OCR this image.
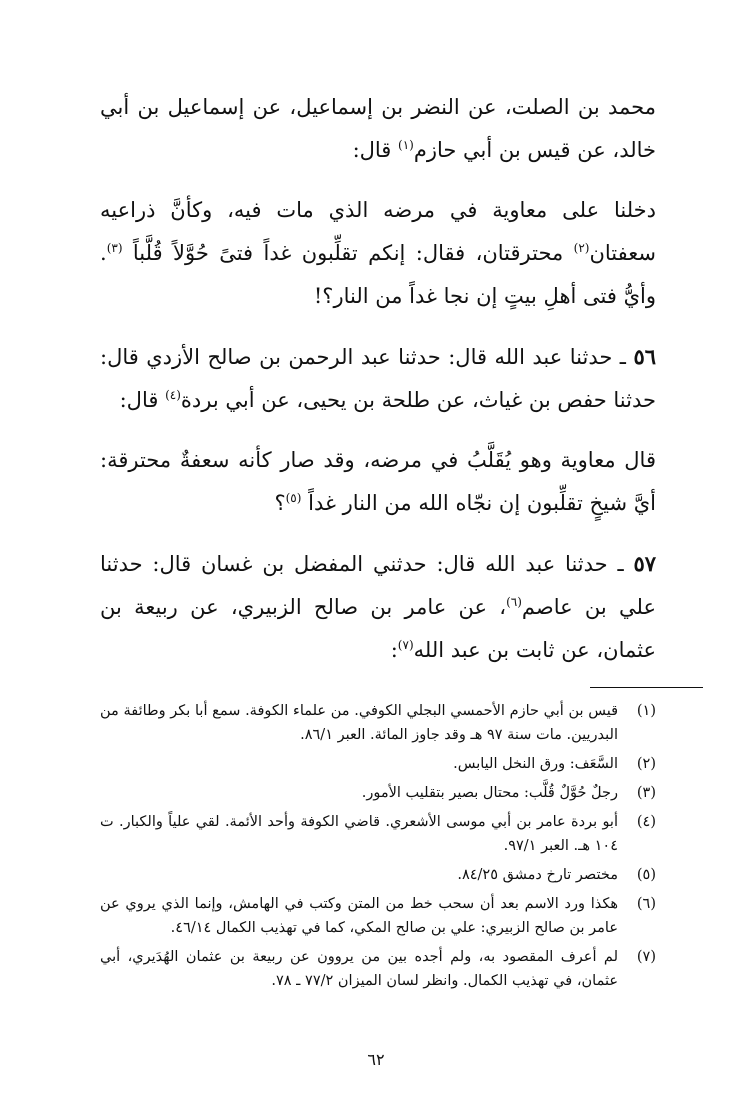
محمد بن الصلت، عن النضر بن إسماعيل، عن إسماعيل بن أبي خالد، عن قيس بن أبي حازم$^{(١)}$ قال:

دخلنا على معاوية في مرضه الذي مات فيه، وكأنَّ ذراعيه سعفتان$^{(٢)}$ محترقتان، فقال: إنكم تقلِّبون غداً فتىً حُوَّلاً قُلَّباً $^{(٣)}$. وأيُّ فتى أهلِ بيتٍ إن نجا غداً من النار؟!

٥٦ ـ حدثنا عبد الله قال: حدثنا عبد الرحمن بن صالح الأزدي قال: حدثنا حفص بن غياث، عن طلحة بن يحيى، عن أبي بردة$^{(٤)}$ قال:

قال معاوية وهو يُقَلَّبُ في مرضه، وقد صار كأنه سعفةٌ محترقة: أيَّ شيخٍ تقلِّبون إن نجّاه الله من النار غداً $^{(٥)}$؟

٥٧ ـ حدثنا عبد الله قال: حدثني المفضل بن غسان قال: حدثنا علي بن عاصم$^{(٦)}$، عن عامر بن صالح الزبيري، عن ربيعة بن عثمان، عن ثابت بن عبد الله$^{(٧)}$:

(١)
قيس بن أبي حازم الأحمسي البجلي الكوفي. من علماء الكوفة. سمع أبا بكر وطائفة من البدريين. مات سنة ٩٧ هـ وقد جاوز المائة. العبر ٨٦/١.
(٢)
السَّعَف: ورق النخل اليابس.
(٣)
رجلٌ حُوَّلٌ قُلَّب: محتال بصير بتقليب الأمور.
(٤)
أبو بردة عامر بن أبي موسى الأشعري. قاضي الكوفة وأحد الأئمة. لقي علياً والكبار. ت ١٠٤ هـ. العبر ٩٧/١.
(٥)
مختصر تارخ دمشق ٨٤/٢٥.
(٦)
هكذا ورد الاسم بعد أن سحب خط من المتن وكتب في الهامش، وإنما الذي يروي عن عامر بن صالح الزبيري: علي بن صالح المكي، كما في تهذيب الكمال ٤٦/١٤.
(٧)
لم أعرف المقصود به، ولم أجده بين من يروون عن ربيعة بن عثمان الهُدَيري، أبي عثمان، في تهذيب الكمال. وانظر لسان الميزان ٧٧/٢ ـ ٧٨.
٦٢
